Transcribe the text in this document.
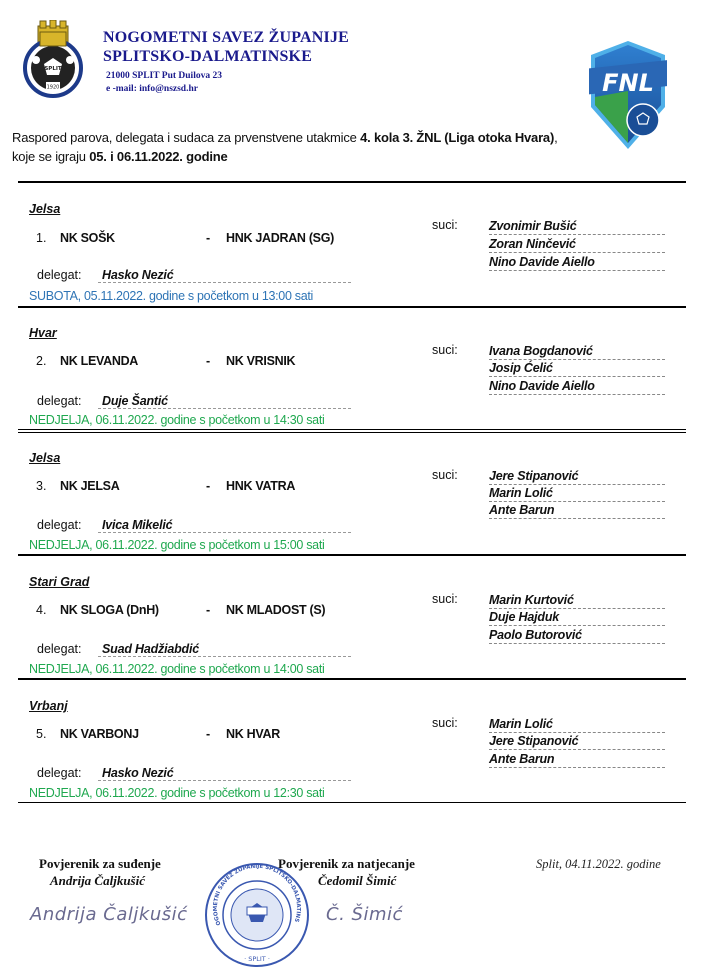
SPLIT
1920
NOGOMETNI SAVEZ ŽUPANIJE
SPLITSKO-DALMATINSKE
21000 SPLIT Put Duilova 23
e -mail: info@nszsd.hr	FNL
Raspored parova, delegata i sudaca za prvenstvene utakmice 4. kola 3. ŽNL (Liga otoka Hvara), koje se igraju 05. i 06.11.2022. godine
Jelsa
1. NK SOŠK	- HNK JADRAN (SG)
suci:	Zvonimir Bušić
Zoran Ninčević
Nino Davide Aiello
delegat:	Hasko Nezić
SUBOTA, 05.11.2022. godine s početkom u 13:00 sati
Hvar
2. NK LEVANDA	- NK VRISNIK
suci:	Ivana Bogdanović
Josip Ćelić
Nino Davide Aiello
delegat:	Duje Šantić
NEDJELJA, 06.11.2022. godine s početkom u 14:30 sati
Jelsa
3. NK JELSA	- HNK VATRA
suci:	Jere Stipanović
Marin Lolić
Ante Barun
delegat:	Ivica Mikelić
NEDJELJA, 06.11.2022. godine s početkom u 15:00 sati
Stari Grad
4. NK SLOGA (DnH)	- NK MLADOST (S)
suci:	Marin Kurtović
Duje Hajduk
Paolo Butorović
delegat:	Suad Hadžiabdić
NEDJELJA, 06.11.2022. godine s početkom u 14:00 sati
Vrbanj
5. NK VARBONJ	- NK HVAR
suci:	Marin Lolić
Jere Stipanović
Ante Barun
delegat:	Hasko Nezić
NEDJELJA, 06.11.2022. godine s početkom u 12:30 sati
Povjerenik za suđenje
Andrija Čaljkušić
Andrija Čaljkušić	OGOMETNI SAVEZ ŽUPANIJE SPLITSKO-DALMATINS
· SPLIT ·
Povjerenik za natjecanje
Čedomil Šimić
Č. Šimić
Split, 04.11.2022. godine
